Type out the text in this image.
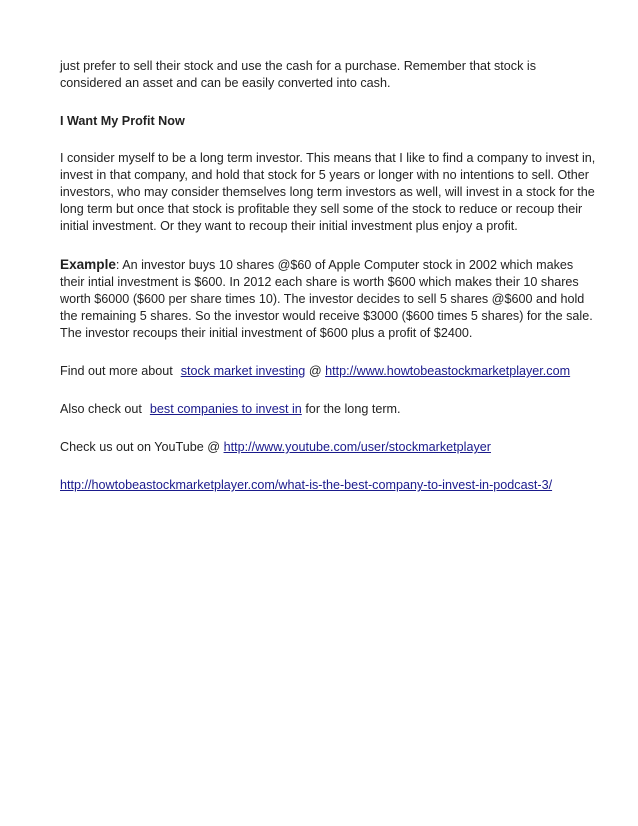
just prefer to sell their stock and use the cash for a purchase. Remember that stock is considered an asset and can be easily converted into cash.

I Want My Profit Now

I consider myself to be a long term investor. This means that I like to find a company to invest in, invest in that company, and hold that stock for 5 years or longer with no intentions to sell. Other investors, who may consider themselves long term investors as well, will invest in a stock for the long term but once that stock is profitable they sell some of the stock to reduce or recoup their initial investment. Or they want to recoup their initial investment plus enjoy a profit.

Example: An investor buys 10 shares @$60 of Apple Computer stock in 2002 which makes their intial investment is $600. In 2012 each share is worth $600 which makes their 10 shares worth $6000 ($600 per share times 10). The investor decides to sell 5 shares @$600 and hold the remaining 5 shares. So the investor would receive $3000 ($600 times 5 shares) for the sale. The investor recoups their initial investment of $600 plus a profit of $2400.

Find out more about stock market investing @ http://www.howtobeastockmarketplayer.com

Also check out best companies to invest in for the long term.

Check us out on YouTube @ http://www.youtube.com/user/stockmarketplayer

http://howtobeastockmarketplayer.com/what-is-the-best-company-to-invest-in-podcast-3/
